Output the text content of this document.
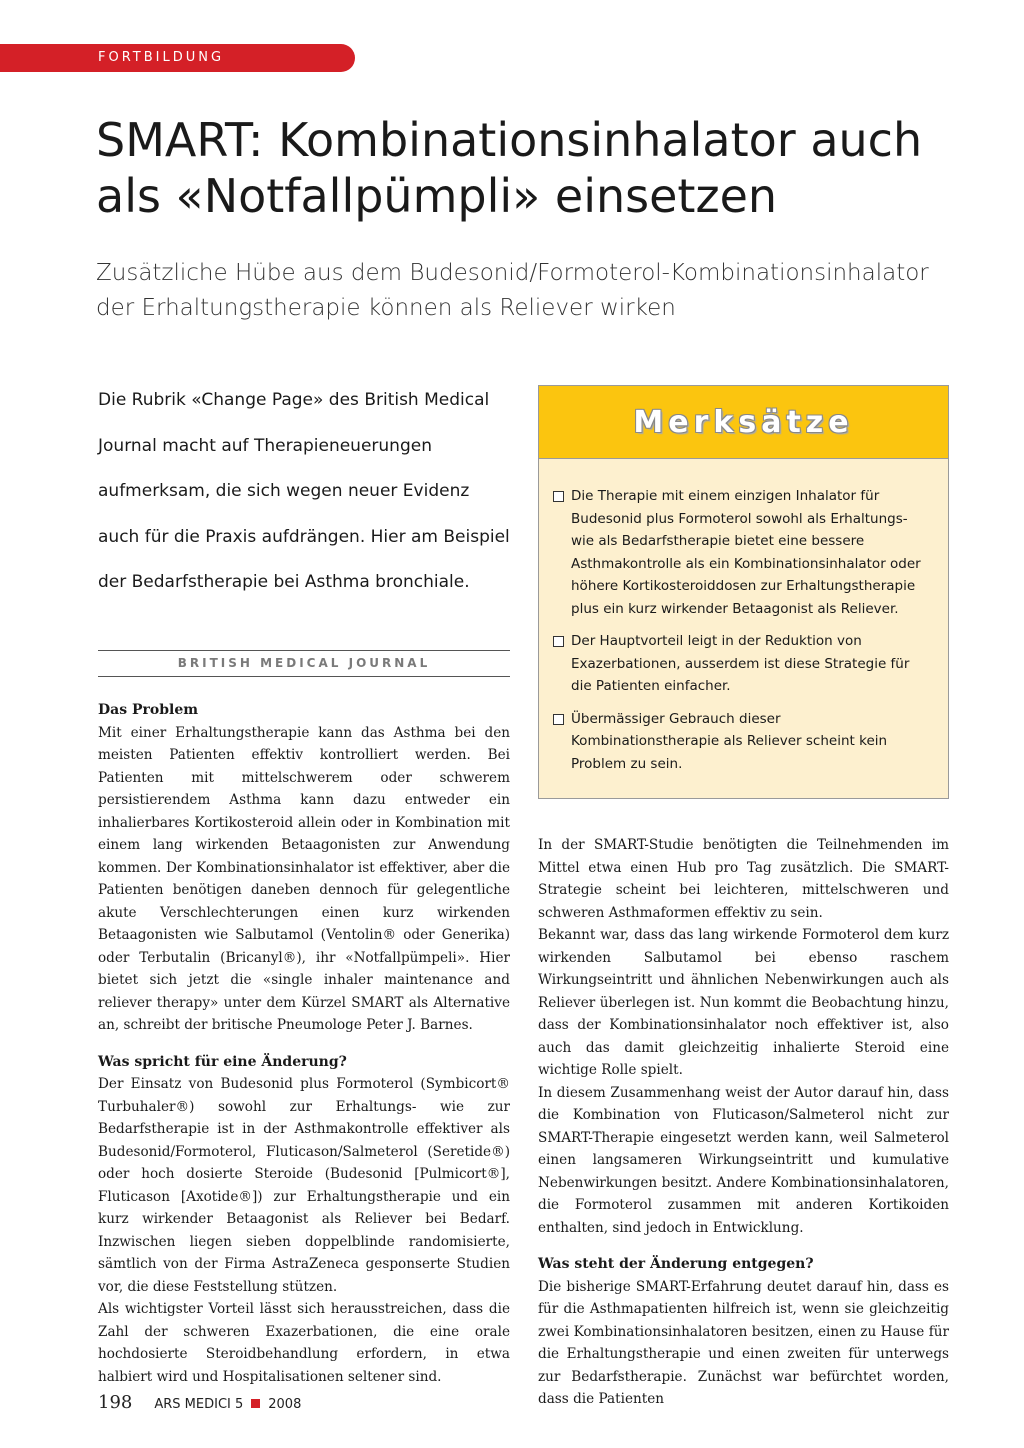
FORTBILDUNG
SMART: Kombinationsinhalator auch als «Notfallpümpli» einsetzen

Zusätzliche Hübe aus dem Budesonid/Formoterol-Kombinationsinhalator der Erhaltungstherapie können als Reliever wirken

Die Rubrik «Change Page» des British Medical Journal macht auf Therapieneuerungen aufmerksam, die sich wegen neuer Evidenz auch für die Praxis aufdrängen. Hier am Beispiel der Bedarfstherapie bei Asthma bronchiale.

BRITISH MEDICAL JOURNAL
Das Problem

Mit einer Erhaltungstherapie kann das Asthma bei den meisten Patienten effektiv kontrolliert werden. Bei Patienten mit mittelschwerem oder schwerem persistierendem Asthma kann dazu entweder ein inhalierbares Kortikosteroid allein oder in Kombination mit einem lang wirkenden Betaagonisten zur Anwendung kommen. Der Kombinationsinhalator ist effektiver, aber die Patienten benötigen daneben dennoch für gelegentliche akute Verschlechterungen einen kurz wirkenden Betaagonisten wie Salbutamol (Ventolin® oder Generika) oder Terbutalin (Bricanyl®), ihr «Notfallpümpeli». Hier bietet sich jetzt die «single inhaler maintenance and reliever therapy» unter dem Kürzel SMART als Alternative an, schreibt der britische Pneumologe Peter J. Barnes.

Was spricht für eine Änderung?

Der Einsatz von Budesonid plus Formoterol (Symbicort® Turbuhaler®) sowohl zur Erhaltungs- wie zur Bedarfstherapie ist in der Asthmakontrolle effektiver als Budesonid/Formoterol, Fluticason/Salmeterol (Seretide®) oder hoch dosierte Steroide (Budesonid [Pulmicort®], Fluticason [Axotide®]) zur Erhaltungstherapie und ein kurz wirkender Betaagonist als Reliever bei Bedarf. Inzwischen liegen sieben doppelblinde randomisierte, sämtlich von der Firma AstraZeneca gesponserte Studien vor, die diese Feststellung stützen.

Als wichtigster Vorteil lässt sich herausstreichen, dass die Zahl der schweren Exazerbationen, die eine orale hochdosierte Steroidbehandlung erfordern, in etwa halbiert wird und Hospitalisationen seltener sind.

Merksätze
Die Therapie mit einem einzigen Inhalator für Budesonid plus Formoterol sowohl als Erhaltungs- wie als Bedarfstherapie bietet eine bessere Asthmakontrolle als ein Kombinationsinhalator oder höhere Kortikosteroiddosen zur Erhaltungstherapie plus ein kurz wirkender Betaagonist als Reliever.
Der Hauptvorteil leigt in der Reduktion von Exazerbationen, ausserdem ist diese Strategie für die Patienten einfacher.
Übermässiger Gebrauch dieser Kombinationstherapie als Reliever scheint kein Problem zu sein.

In der SMART-Studie benötigten die Teilnehmenden im Mittel etwa einen Hub pro Tag zusätzlich. Die SMART-Strategie scheint bei leichteren, mittelschweren und schweren Asthmaformen effektiv zu sein.

Bekannt war, dass das lang wirkende Formoterol dem kurz wirkenden Salbutamol bei ebenso raschem Wirkungseintritt und ähnlichen Nebenwirkungen auch als Reliever überlegen ist. Nun kommt die Beobachtung hinzu, dass der Kombinationsinhalator noch effektiver ist, also auch das damit gleichzeitig inhalierte Steroid eine wichtige Rolle spielt.

In diesem Zusammenhang weist der Autor darauf hin, dass die Kombination von Fluticason/Salmeterol nicht zur SMART-Therapie eingesetzt werden kann, weil Salmeterol einen langsameren Wirkungseintritt und kumulative Nebenwirkungen besitzt. Andere Kombinationsinhalatoren, die Formoterol zusammen mit anderen Kortikoiden enthalten, sind jedoch in Entwicklung.

Was steht der Änderung entgegen?

Die bisherige SMART-Erfahrung deutet darauf hin, dass es für die Asthmapatienten hilfreich ist, wenn sie gleichzeitig zwei Kombinationsinhalatoren besitzen, einen zu Hause für die Erhaltungstherapie und einen zweiten für unterwegs zur Bedarfstherapie. Zunächst war befürchtet worden, dass die Patienten

198 ARS MEDICI 5 2008
